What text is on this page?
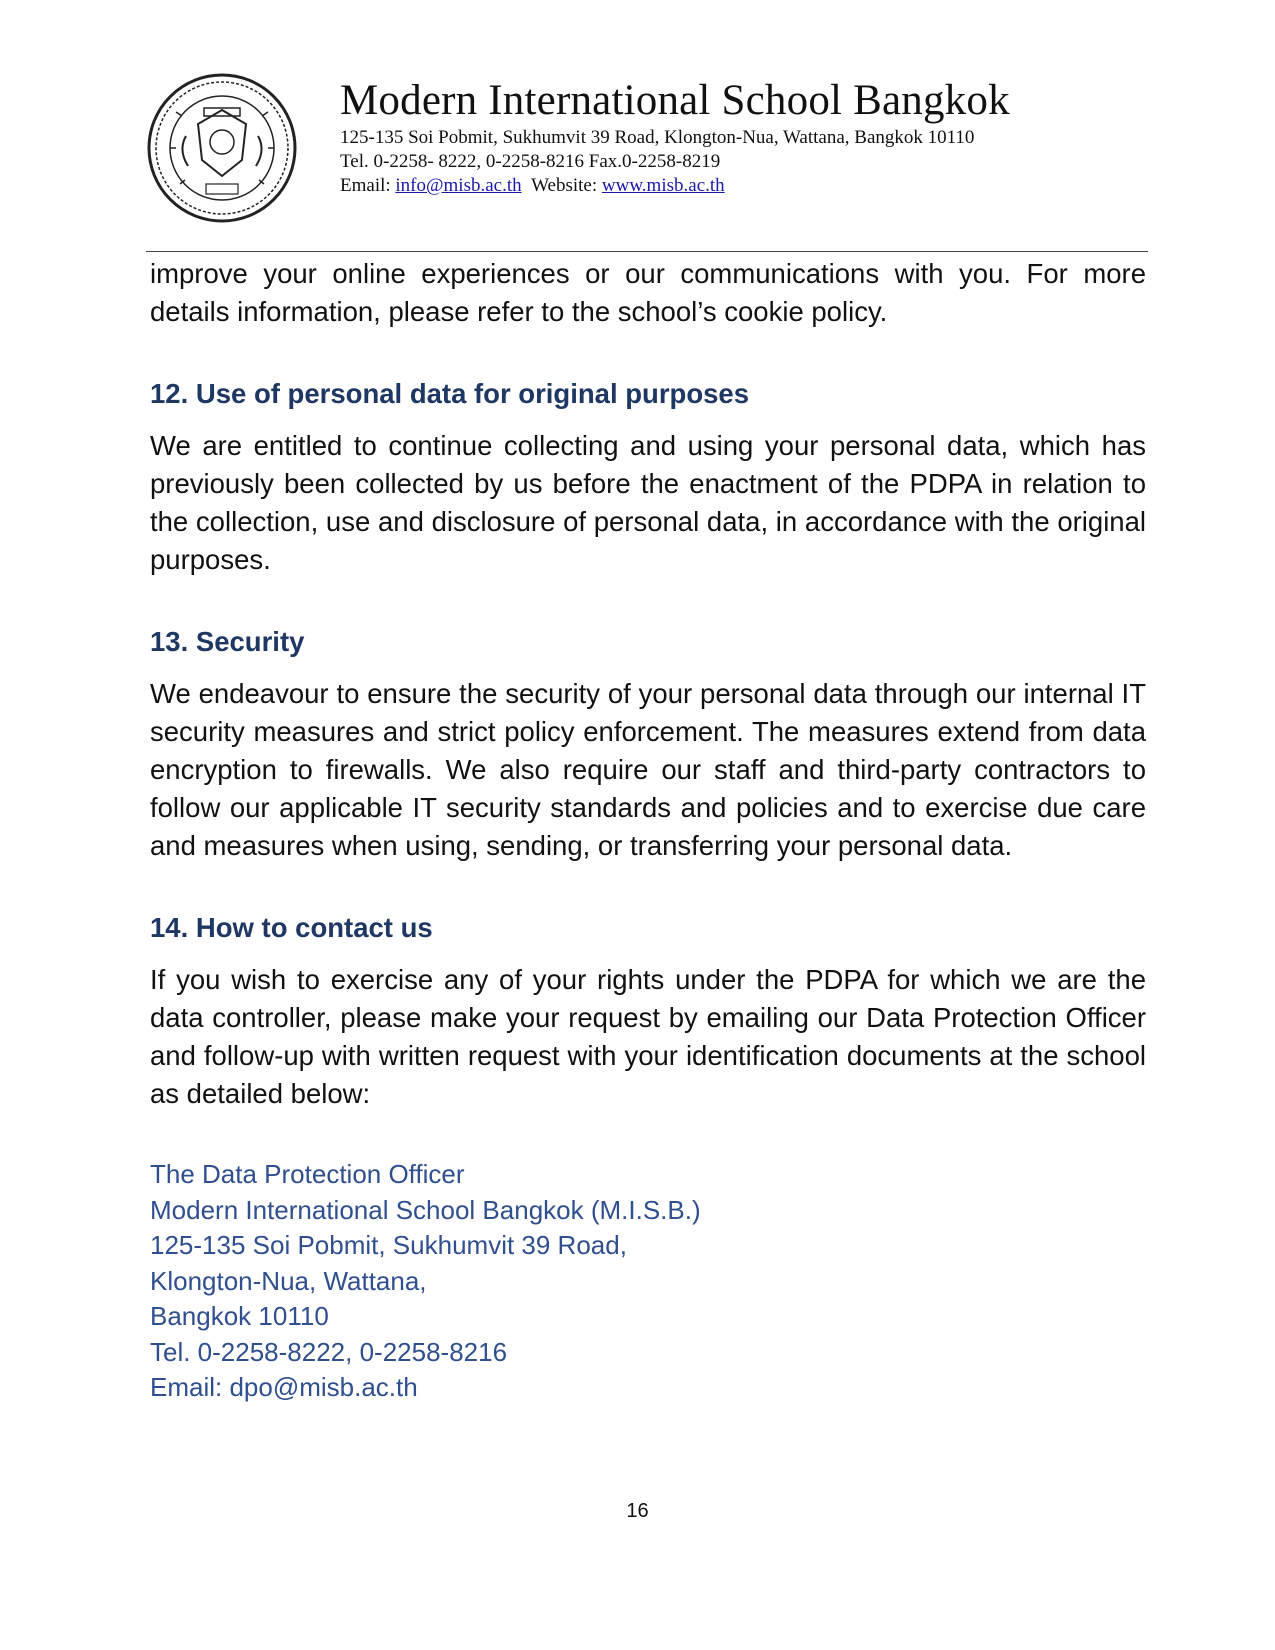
Modern International School Bangkok
125-135 Soi Pobmit, Sukhumvit 39 Road, Klongton-Nua, Wattana, Bangkok 10110
Tel. 0-2258- 8222, 0-2258-8216 Fax.0-2258-8219
Email: info@misb.ac.th Website: www.misb.ac.th

improve your online experiences or our communications with you. For more details information, please refer to the school’s cookie policy.

12. Use of personal data for original purposes

We are entitled to continue collecting and using your personal data, which has previously been collected by us before the enactment of the PDPA in relation to the collection, use and disclosure of personal data, in accordance with the original purposes.

13. Security

We endeavour to ensure the security of your personal data through our internal IT security measures and strict policy enforcement. The measures extend from data encryption to firewalls. We also require our staff and third-party contractors to follow our applicable IT security standards and policies and to exercise due care and measures when using, sending, or transferring your personal data.

14. How to contact us

If you wish to exercise any of your rights under the PDPA for which we are the data controller, please make your request by emailing our Data Protection Officer and follow-up with written request with your identification documents at the school as detailed below:

The Data Protection Officer
Modern International School Bangkok (M.I.S.B.)
125-135 Soi Pobmit, Sukhumvit 39 Road,
Klongton-Nua, Wattana,
Bangkok 10110
Tel. 0-2258-8222, 0-2258-8216
Email: dpo@misb.ac.th
16
